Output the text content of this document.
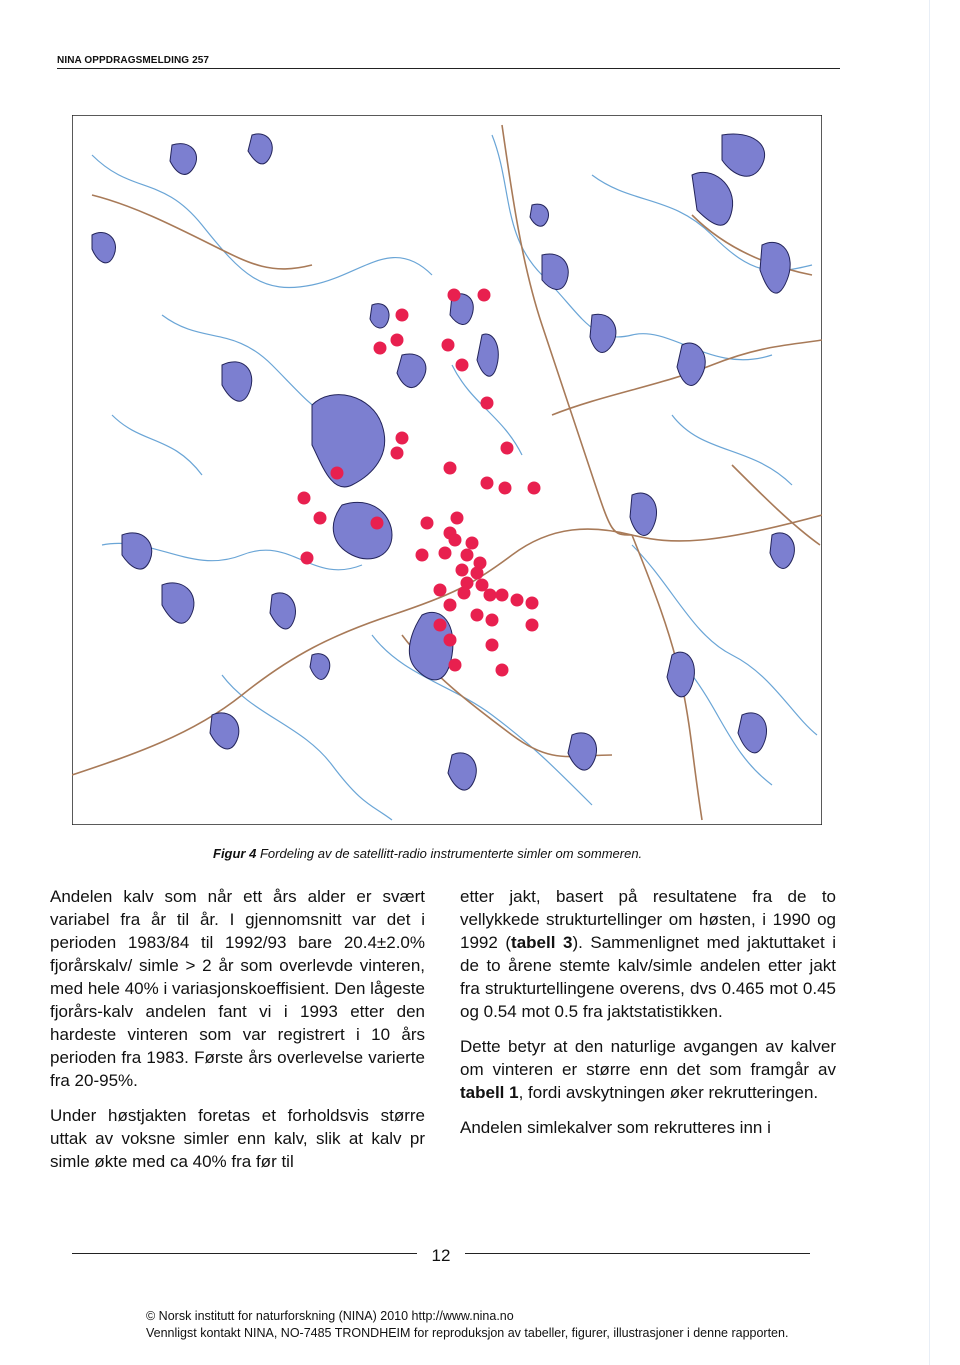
NINA OPPDRAGSMELDING 257
Figur 4 Fordeling av de satellitt-radio instrumenterte simler om sommeren.

Andelen kalv som når ett års alder er svært variabel fra år til år. I gjennomsnitt var det i perioden 1983/84 til 1992/93 bare 20.4±2.0% fjorårskalv/ simle > 2 år som overlevde vinteren, med hele 40% i variasjonskoeffisient. Den lågeste fjorårs-kalv andelen fant vi i 1993 etter den hardeste vinteren som var registrert i 10 års perioden fra 1983. Første års overlevelse varierte fra 20-95%.

Under høstjakten foretas et forholdsvis større uttak av voksne simler enn kalv, slik at kalv pr simle økte med ca 40% fra før til

etter jakt, basert på resultatene fra de to vellykkede strukturtellinger om høsten, i 1990 og 1992 (tabell 3). Sammenlignet med jaktuttaket i de to årene stemte kalv/simle andelen etter jakt fra strukturtellingene overens, dvs 0.465 mot 0.45 og 0.54 mot 0.5 fra jaktstatistikken.

Dette betyr at den naturlige avgangen av kalver om vinteren er større enn det som framgår av tabell 1, fordi avskytningen øker rekrutteringen.

Andelen simlekalver som rekrutteres inn i

12
© Norsk institutt for naturforskning (NINA) 2010 http://www.nina.no
Vennligst kontakt NINA, NO-7485 TRONDHEIM for reproduksjon av tabeller, figurer, illustrasjoner i denne rapporten.
